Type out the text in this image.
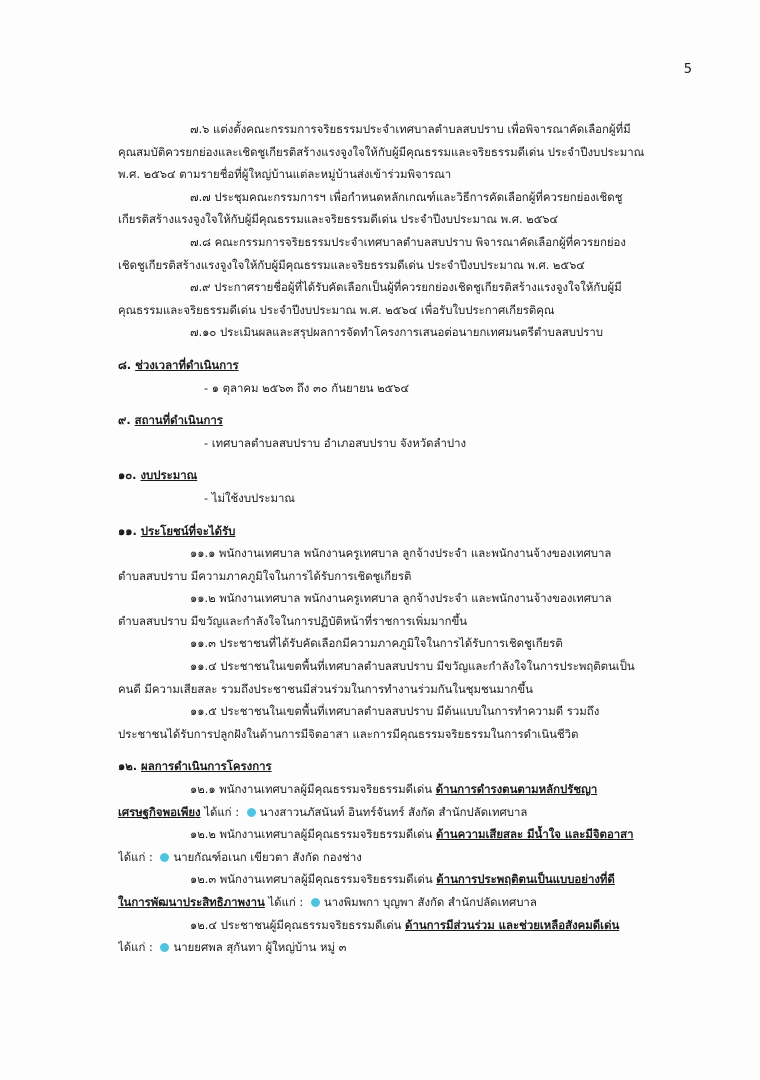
5

๗.๖ แต่งตั้งคณะกรรมการจริยธรรมประจำเทศบาลตำบลสบปราบ เพื่อพิจารณาคัดเลือกผู้ที่มี

คุณสมบัติควรยกย่องและเชิดชูเกียรติสร้างแรงจูงใจให้กับผู้มีคุณธรรมและจริยธรรมดีเด่น ประจำปีงบประมาณ

พ.ศ. ๒๕๖๔ ตามรายชื่อที่ผู้ใหญ่บ้านแต่ละหมู่บ้านส่งเข้าร่วมพิจารณา

๗.๗ ประชุมคณะกรรมการฯ เพื่อกำหนดหลักเกณฑ์และวิธีการคัดเลือกผู้ที่ควรยกย่องเชิดชู

เกียรติสร้างแรงจูงใจให้กับผู้มีคุณธรรมและจริยธรรมดีเด่น ประจำปีงบประมาณ พ.ศ. ๒๕๖๔

๗.๘ คณะกรรมการจริยธรรมประจำเทศบาลตำบลสบปราบ พิจารณาคัดเลือกผู้ที่ควรยกย่อง

เชิดชูเกียรติสร้างแรงจูงใจให้กับผู้มีคุณธรรมและจริยธรรมดีเด่น ประจำปีงบประมาณ พ.ศ. ๒๕๖๔

๗.๙ ประกาศรายชื่อผู้ที่ได้รับคัดเลือกเป็นผู้ที่ควรยกย่องเชิดชูเกียรติสร้างแรงจูงใจให้กับผู้มี

คุณธรรมและจริยธรรมดีเด่น ประจำปีงบประมาณ พ.ศ. ๒๕๖๔ เพื่อรับใบประกาศเกียรติคุณ

๗.๑๐ ประเมินผลและสรุปผลการจัดทำโครงการเสนอต่อนายกเทศมนตรีตำบลสบปราบ

๘. ช่วงเวลาที่ดำเนินการ

- ๑ ตุลาคม ๒๕๖๓ ถึง ๓๐ กันยายน ๒๕๖๔

๙. สถานที่ดำเนินการ

- เทศบาลตำบลสบปราบ อำเภอสบปราบ จังหวัดลำปาง

๑๐. งบประมาณ

- ไม่ใช้งบประมาณ

๑๑. ประโยชน์ที่จะได้รับ

๑๑.๑ พนักงานเทศบาล พนักงานครูเทศบาล ลูกจ้างประจำ และพนักงานจ้างของเทศบาล

ตำบลสบปราบ มีความภาคภูมิใจในการได้รับการเชิดชูเกียรติ

๑๑.๒ พนักงานเทศบาล พนักงานครูเทศบาล ลูกจ้างประจำ และพนักงานจ้างของเทศบาล

ตำบลสบปราบ มีขวัญและกำลังใจในการปฏิบัติหน้าที่ราชการเพิ่มมากขึ้น

๑๑.๓ ประชาชนที่ได้รับคัดเลือกมีความภาคภูมิใจในการได้รับการเชิดชูเกียรติ

๑๑.๔ ประชาชนในเขตพื้นที่เทศบาลตำบลสบปราบ มีขวัญและกำลังใจในการประพฤติตนเป็น

คนดี มีความเสียสละ รวมถึงประชาชนมีส่วนร่วมในการทำงานร่วมกันในชุมชนมากขึ้น

๑๑.๕ ประชาชนในเขตพื้นที่เทศบาลตำบลสบปราบ มีต้นแบบในการทำความดี รวมถึง

ประชาชนได้รับการปลูกฝังในด้านการมีจิตอาสา และการมีคุณธรรมจริยธรรมในการดำเนินชีวิต

๑๒. ผลการดำเนินการโครงการ

๑๒.๑ พนักงานเทศบาลผู้มีคุณธรรมจริยธรรมดีเด่น ด้านการดำรงตนตามหลักปรัชญา

เศรษฐกิจพอเพียง ได้แก่ : นางสาวนภัสนันท์ อินทร์จันทร์ สังกัด สำนักปลัดเทศบาล

๑๒.๒ พนักงานเทศบาลผู้มีคุณธรรมจริยธรรมดีเด่น ด้านความเสียสละ มีน้ำใจ และมีจิตอาสา

ได้แก่ : นายกัณฑ์อเนก เขียวตา สังกัด กองช่าง

๑๒.๓ พนักงานเทศบาลผู้มีคุณธรรมจริยธรรมดีเด่น ด้านการประพฤติตนเป็นแบบอย่างที่ดี

ในการพัฒนาประสิทธิภาพงาน ได้แก่ : นางพิมพกา บุญพา สังกัด สำนักปลัดเทศบาล

๑๒.๔ ประชาชนผู้มีคุณธรรมจริยธรรมดีเด่น ด้านการมีส่วนร่วม และช่วยเหลือสังคมดีเด่น

ได้แก่ : นายยศพล สุกันทา ผู้ใหญ่บ้าน หมู่ ๓
